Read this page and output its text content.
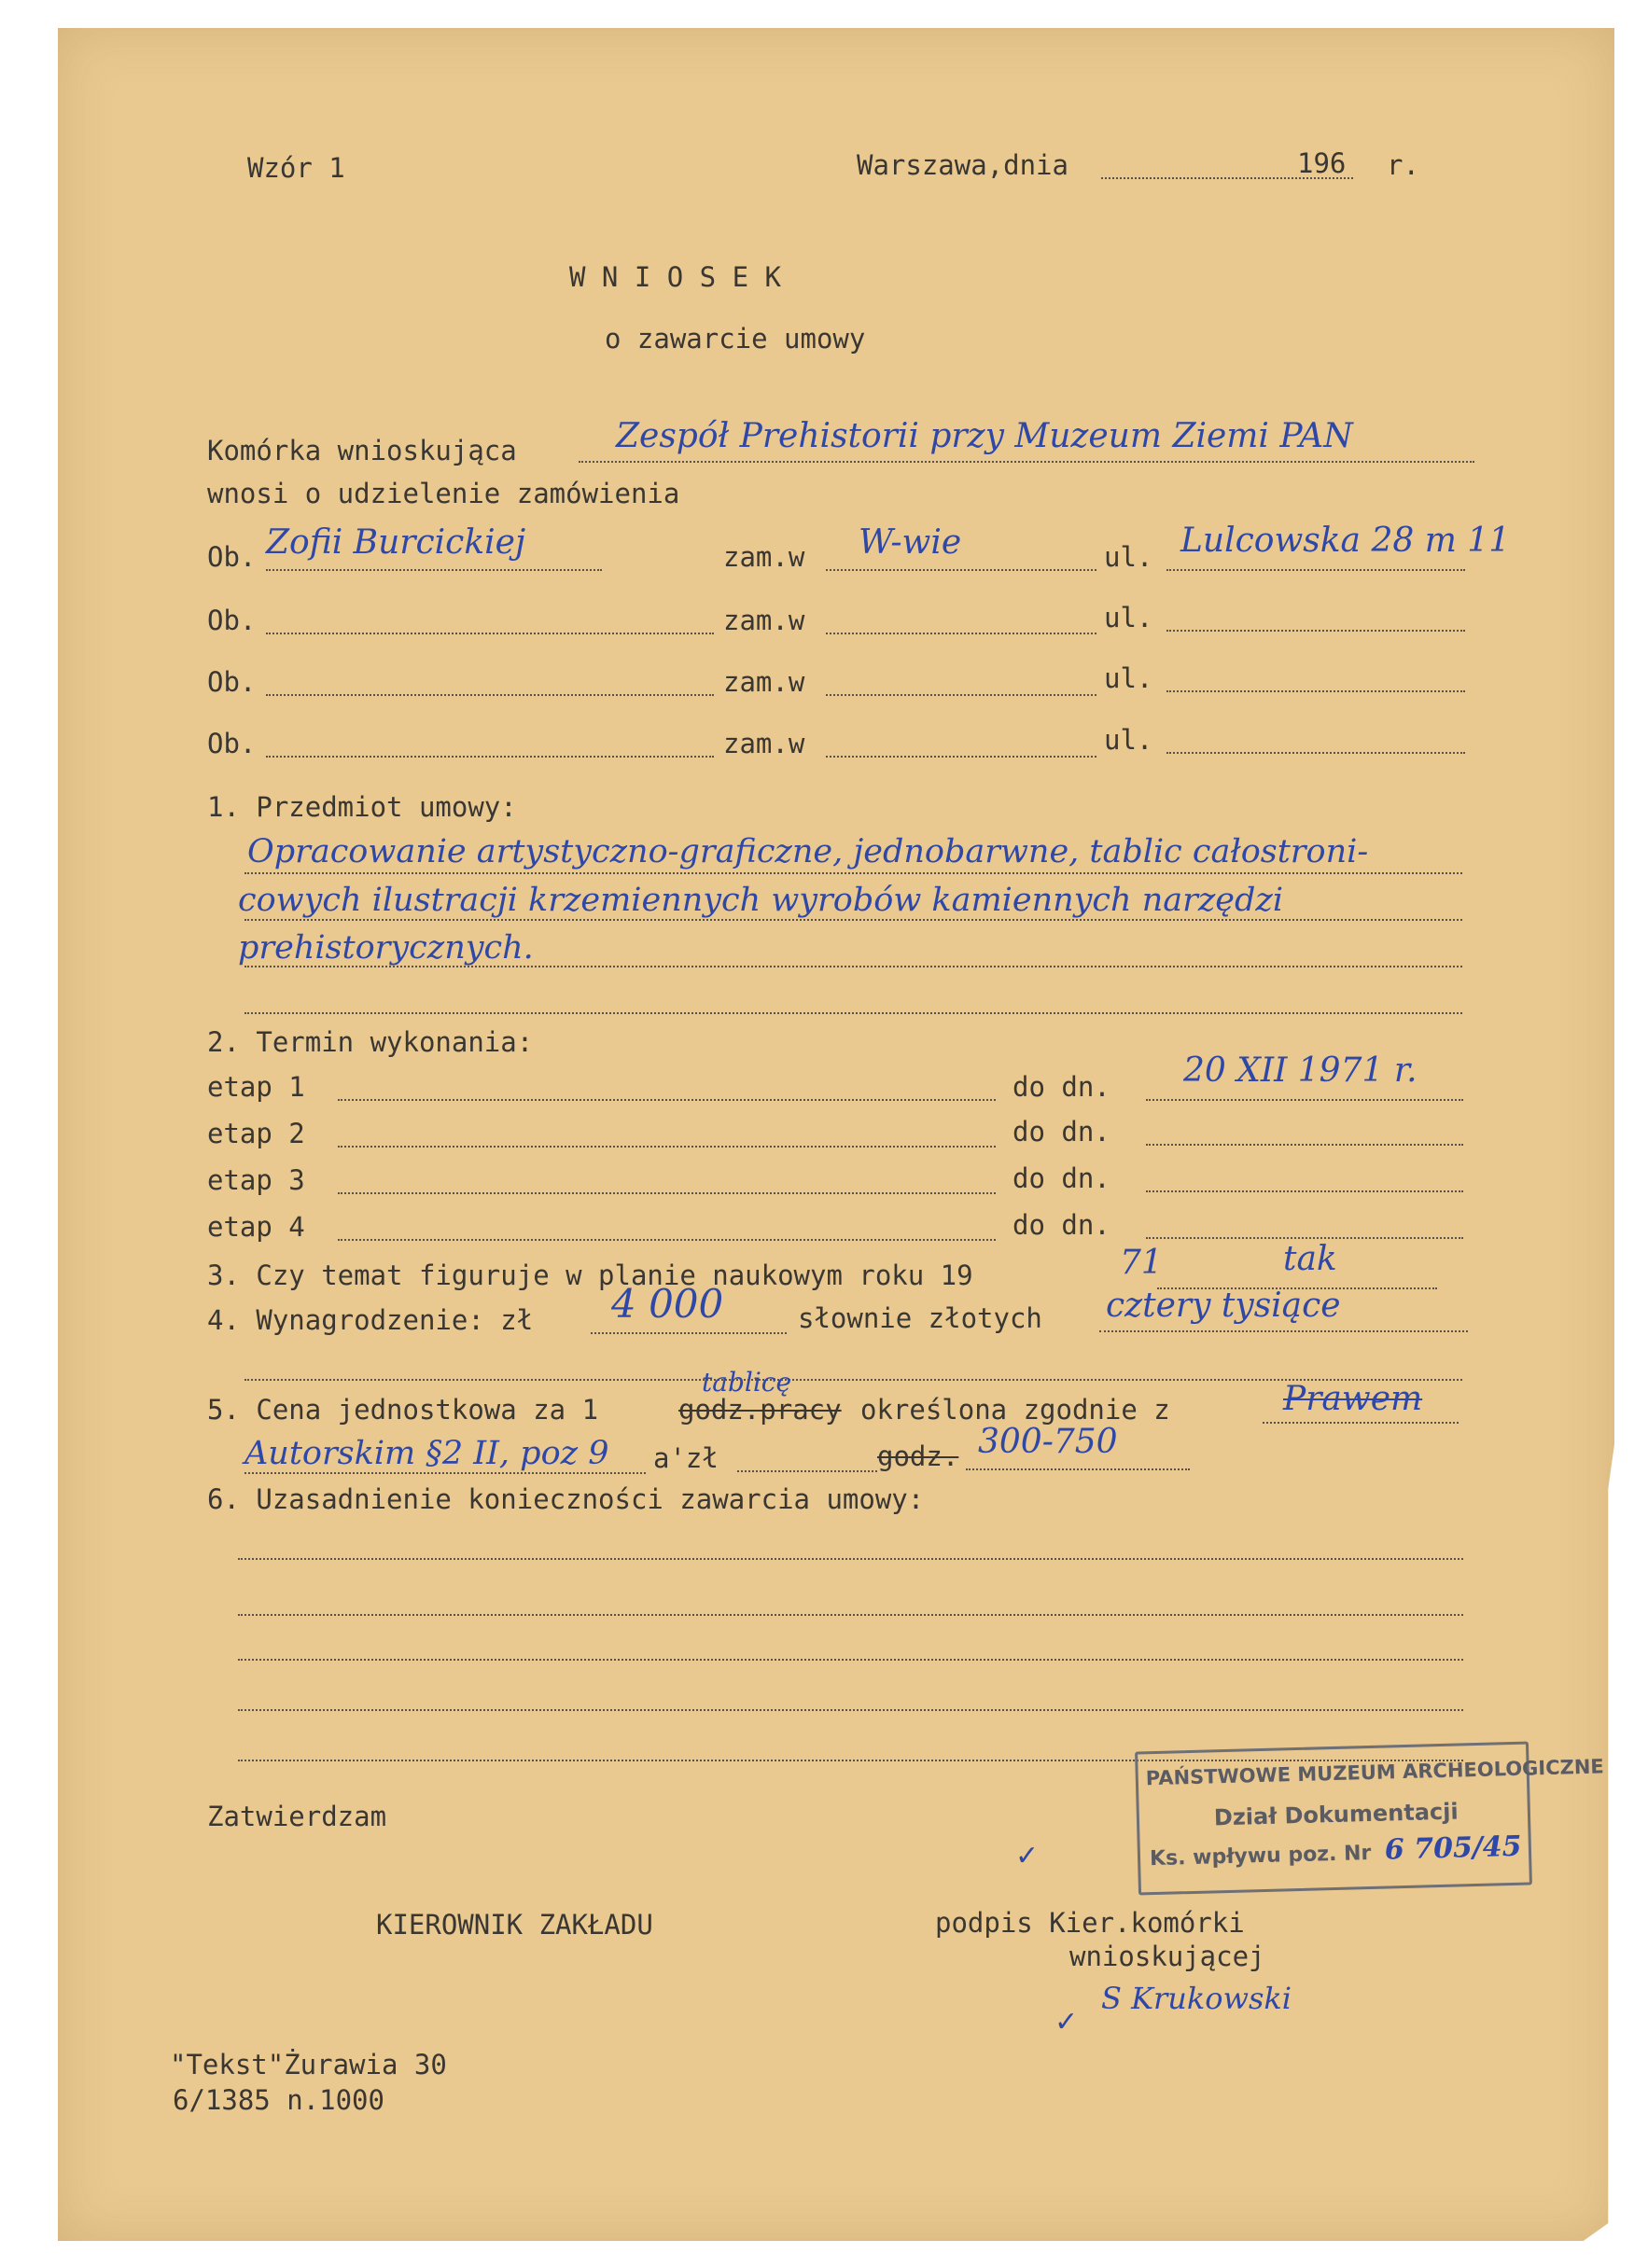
Wzór 1	Warszawa,dnia	196 r.
W N I O S E K
o zawarcie umowy
Komórka wnioskująca	Zespół Prehistorii przy Muzeum Ziemi PAN
wnosi o udzielenie zamówienia
Ob. Zofii Burcickiej	zam.w W-wie	ul. Lulcowska 28 m 11
Ob.	zam.w	ul.
Ob.	zam.w	ul.
Ob.	zam.w	ul.
1. Przedmiot umowy:
Opracowanie artystyczno-graficzne, jednobarwne, tablic całostroni-
cowych ilustracji krzemiennych wyrobów kamiennych narzędzi
prehistorycznych.
2. Termin wykonania:
etap 1	do dn. 20 XII 1971 r.
etap 2	do dn.
etap 3	do dn.
etap 4	do dn.
3. Czy temat figuruje w planie naukowym roku 19	71	tak
4. Wynagrodzenie: zł 4 000	słownie złotych cztery tysiące
tablicę
5. Cena jednostkowa za 1	godz.pracy określona zgodnie z	Prawem
Autorskim §2 II, poz 9 a'zł	godz. 300-750
6. Uzasadnienie konieczności zawarcia umowy:
PAŃSTWOWE MUZEUM ARCHEOLOGICZNE
Dział Dokumentacji
Ks. wpływu poz. Nr 6 705/45
Zatwierdzam
✓
KIEROWNIK ZAKŁADU	podpis Kier.komórki
wnioskującej
✓
S Krukowski
"Tekst"Żurawia 30
6/1385 n.1000
